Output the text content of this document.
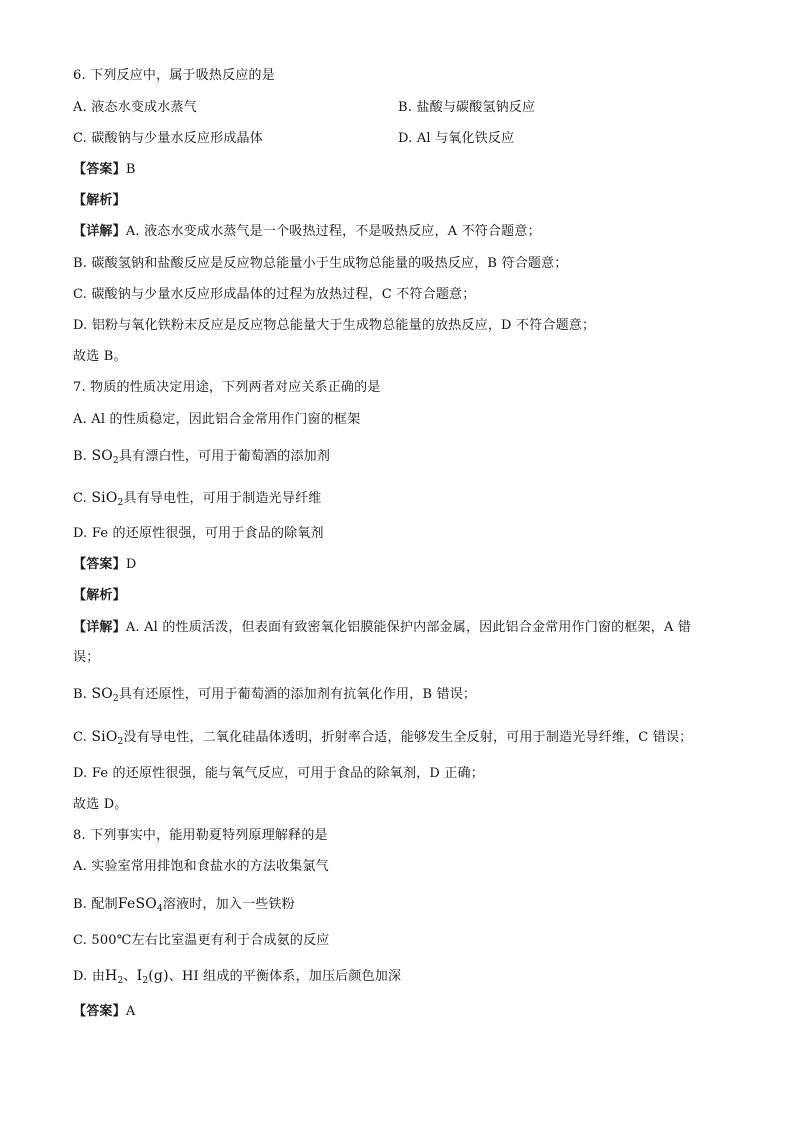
6. 下列反应中，属于吸热反应的是
A. 液态水变成水蒸气	B. 盐酸与碳酸氢钠反应
C. 碳酸钠与少量水反应形成晶体	D. Al 与氧化铁反应
【答案】B
【解析】
【详解】A. 液态水变成水蒸气是一个吸热过程，不是吸热反应，A 不符合题意；
B. 碳酸氢钠和盐酸反应是反应物总能量小于生成物总能量的吸热反应，B 符合题意；
C. 碳酸钠与少量水反应形成晶体的过程为放热过程，C 不符合题意；
D. 铝粉与氧化铁粉末反应是反应物总能量大于生成物总能量的放热反应，D 不符合题意；
故选 B。
7. 物质的性质决定用途，下列两者对应关系正确的是
A. Al 的性质稳定，因此铝合金常用作门窗的框架
B. $SO_2$具有漂白性，可用于葡萄酒的添加剂
C. SiO$_2$具有导电性，可用于制造光导纤维
D. Fe 的还原性很强，可用于食品的除氧剂
【答案】D
【解析】
【详解】A. Al 的性质活泼，但表面有致密氧化铝膜能保护内部金属，因此铝合金常用作门窗的框架，A 错
误；
B. $SO_2$具有还原性，可用于葡萄酒的添加剂有抗氧化作用，B 错误；
C. SiO$_2$没有导电性，二氧化硅晶体透明，折射率合适，能够发生全反射，可用于制造光导纤维，C 错误；
D. Fe 的还原性很强，能与氧气反应，可用于食品的除氧剂，D 正确；
故选 D。
8. 下列事实中，能用勒夏特列原理解释的是
A. 实验室常用排饱和食盐水的方法收集氯气
B. 配制FeSO$_4$溶液时，加入一些铁粉
C. 500℃左右比室温更有利于合成氨的反应
D. 由$H_2$、$I_2(g)$、HI 组成的平衡体系，加压后颜色加深
【答案】A
